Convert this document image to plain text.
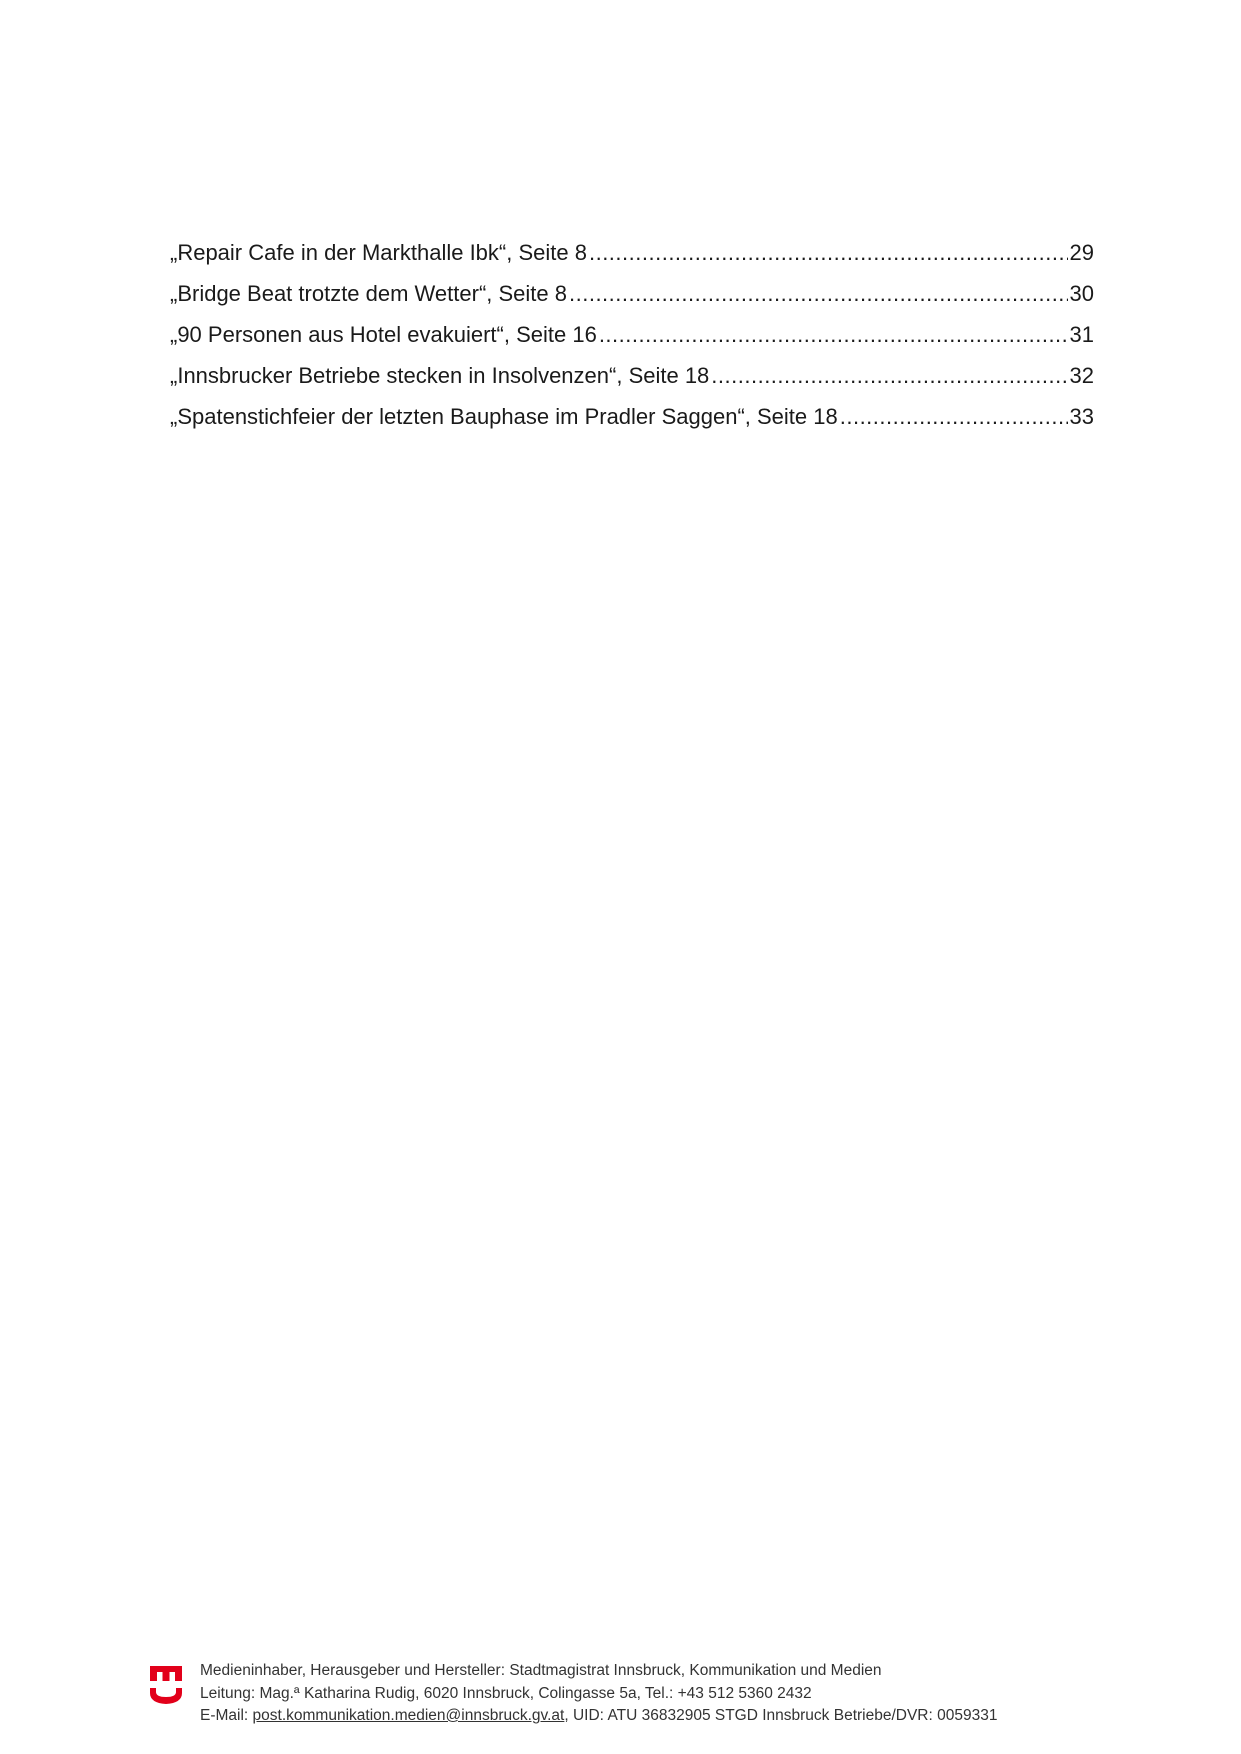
„Repair Cafe in der Markthalle Ibk“, Seite 8 .....	29
„Bridge Beat trotzte dem Wetter“, Seite 8 .....	30
„90 Personen aus Hotel evakuiert“, Seite 16 .....	31
„Innsbrucker Betriebe stecken in Insolvenzen“, Seite 18 .....	32
„Spatenstichfeier der letzten Bauphase im Pradler Saggen“, Seite 18 .....	33
Medieninhaber, Herausgeber und Hersteller: Stadtmagistrat Innsbruck, Kommunikation und Medien
Leitung: Mag.ª Katharina Rudig, 6020 Innsbruck, Colingasse 5a, Tel.: +43 512 5360 2432
E-Mail: post.kommunikation.medien@innsbruck.gv.at, UID: ATU 36832905 STGD Innsbruck Betriebe/DVR: 0059331
